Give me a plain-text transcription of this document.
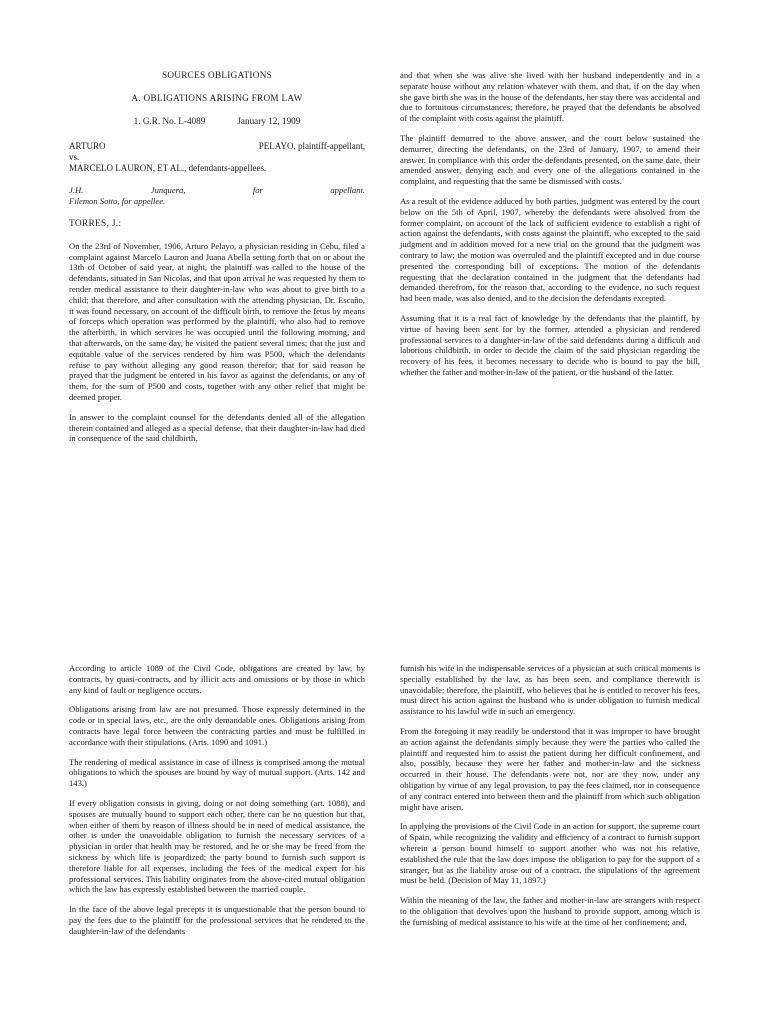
SOURCES OBLIGATIONS

A. OBLIGATIONS ARISING FROM LAW

1. G.R. No. L-4089	January 12, 1909

ARTURO	PELAYO, plaintiff-appellant,
vs.
MARCELO LAURON, ET AL., defendants-appellees.
J.H.	Junquera,	for	appellant.
Filemon Sotto, for appellee.

TORRES, J.:

On the 23rd of November, 1906, Arturo Pelayo, a physician residing in Cebu, filed a complaint against Marcelo Lauron and Juana Abella setting forth that on or about the 13th of October of said year, at night, the plaintiff was called to the house of the defendants, situated in San Nicolas, and that upon arrival he was requested by them to render medical assistance to their daughter-in-law who was about to give birth to a child; that therefore, and after consultation with the attending physician, Dr. Escaño, it was found necessary, on account of the difficult birth, to remove the fetus by means of forceps which operation was performed by the plaintiff, who also had to remove the afterbirth, in which services he was occupied until the following morning, and that afterwards, on the same day, he visited the patient several times; that the just and equitable value of the services rendered by him was P500, which the defendants refuse to pay without alleging any good reason therefor; that for said reason he prayed that the judgment be entered in his favor as against the defendants, or any of them, for the sum of P500 and costs, together with any other relief that might be deemed proper.

In answer to the complaint counsel for the defendants denied all of the allegation therein contained and alleged as a special defense, that their daughter-in-law had died in consequence of the said childbirth,

and that when she was alive she lived with her husband independently and in a separate house without any relation whatever with them, and that, if on the day when she gave birth she was in the house of the defendants, her stay there was accidental and due to fortuitous circumstances; therefore, he prayed that the defendants be absolved of the complaint with costs against the plaintiff.

The plaintiff demurred to the above answer, and the court below sustained the demurrer, directing the defendants, on the 23rd of January, 1907, to amend their answer. In compliance with this order the defendants presented, on the same date, their amended answer, denying each and every one of the allegations contained in the complaint, and requesting that the same be dismissed with costs.

As a result of the evidence adduced by both parties, judgment was entered by the court below on the 5th of April, 1907, whereby the defendants were absolved from the former complaint, on account of the lack of sufficient evidence to establish a right of action against the defendants, with costs against the plaintiff, who excepted to the said judgment and in addition moved for a new trial on the ground that the judgment was contrary to law; the motion was overruled and the plaintiff excepted and in due course presented the corresponding bill of exceptions. The motion of the defendants requesting that the declaration contained in the judgment that the defendants had demanded therefrom, for the reason that, according to the evidence, no such request had been made, was also denied, and to the decision the defendants excepted.

Assuming that it is a real fact of knowledge by the defendants that the plaintiff, by virtue of having been sent for by the former, attended a physician and rendered professional services to a daughter-in-law of the said defendants during a difficult and laborious childbirth, in order to decide the claim of the said physician regarding the recovery of his fees, it becomes necessary to decide who is bound to pay the bill, whether the father and mother-in-law of the patient, or the husband of the latter.

According to article 1089 of the Civil Code, obligations are created by law, by contracts, by quasi-contracts, and by illicit acts and omissions or by those in which any kind of fault or negligence occurs.

Obligations arising from law are not presumed. Those expressly determined in the code or in special laws, etc., are the only demandable ones. Obligations arising from contracts have legal force between the contracting parties and must be fulfilled in accordance with their stipulations. (Arts. 1090 and 1091.)

The rendering of medical assistance in case of illness is comprised among the mutual obligations to which the spouses are bound by way of mutual support. (Arts. 142 and 143.)

If every obligation consists in giving, doing or not doing something (art. 1088), and spouses are mutually bound to support each other, there can be no question but that, when either of them by reason of illness should be in need of medical assistance, the other is under the unavoidable obligation to furnish the necessary services of a physician in order that health may be restored, and he or she may be freed from the sickness by which life is jeopardized; the party bound to furnish such support is therefore liable for all expenses, including the fees of the medical expert for his professional services. This liability originates from the above-cited mutual obligation which the law has expressly established between the married couple.

In the face of the above legal precepts it is unquestionable that the person bound to pay the fees due to the plaintiff for the professional services that he rendered to the daughter-in-law of the defendants

furnish his wife in the indispensable services of a physician at such critical moments is specially established by the law, as has been seen, and compliance therewith is unavoidable; therefore, the plaintiff, who believes that he is entitled to recover his fees, must direct his action against the husband who is under obligation to furnish medical assistance to his lawful wife in such an emergency.

From the foregoing it may readily be understood that it was improper to have brought an action against the defendants simply because they were the parties who called the plaintiff and requested him to assist the patient during her difficult confinement, and also, possibly, because they were her father and mother-in-law and the sickness occurred in their house. The defendants were not, nor are they now, under any obligation by virtue of any legal provision, to pay the fees claimed, nor in consequence of any contract entered into between them and the plaintiff from which such obligation might have arisen.

In applying the provisions of the Civil Code in an action for support, the supreme court of Spain, while recognizing the validity and efficiency of a contract to furnish support wherein a person bound himself to support another who was not his relative, established the rule that the law does impose the obligation to pay for the support of a stranger, but as the liability arose out of a contract, the stipulations of the agreement must be held. (Decision of May 11, 1897.)

Within the meaning of the law, the father and mother-in-law are strangers with respect to the obligation that devolves upon the husband to provide support, among which is the furnishing of medical assistance to his wife at the time of her confinement; and,
